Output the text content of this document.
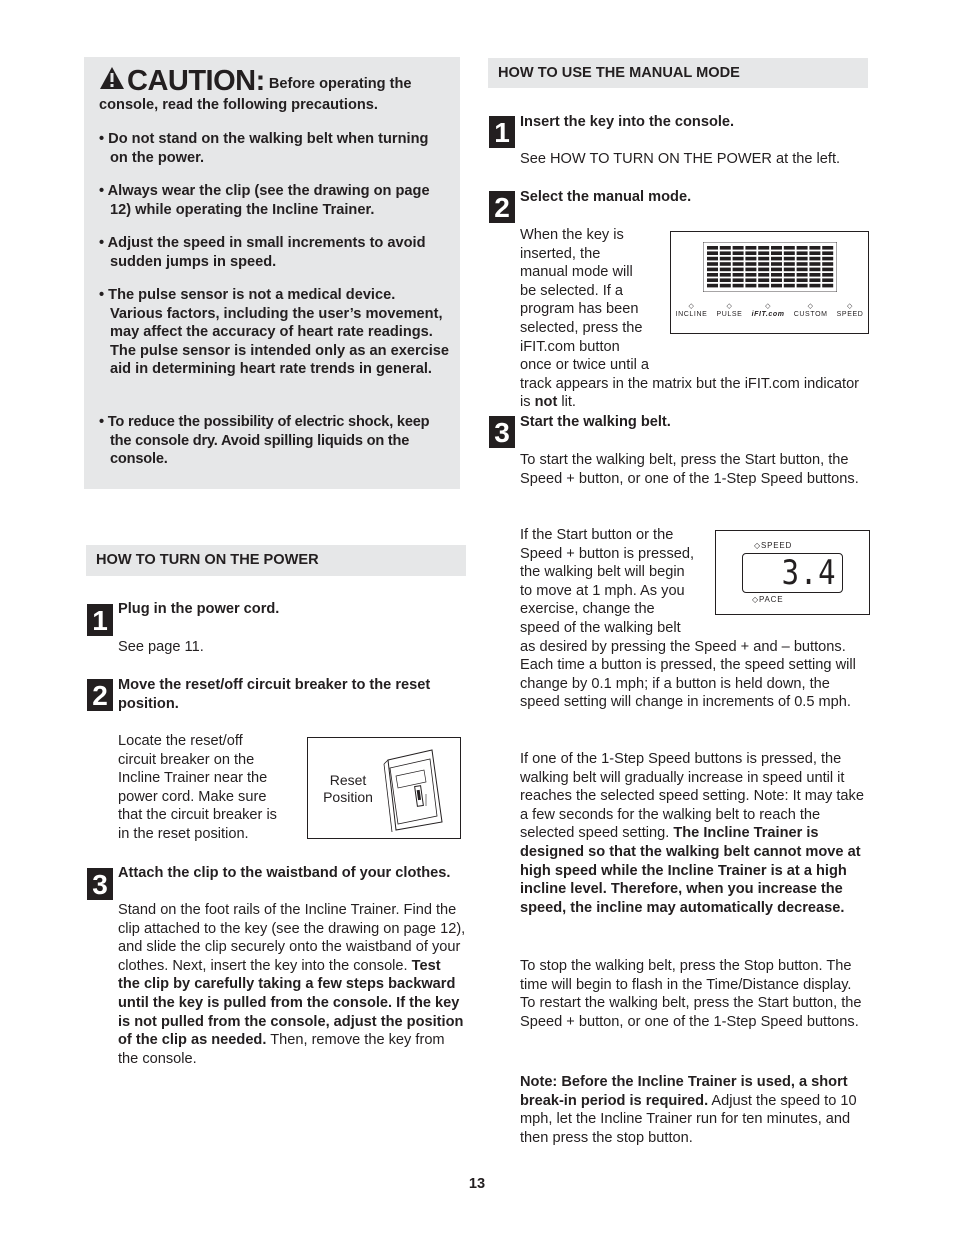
CAUTION: Before operating the console, read the following precautions.

• Do not stand on the walking belt when turning on the power.

• Always wear the clip (see the drawing on page 12) while operating the Incline Trainer.

• Adjust the speed in small increments to avoid sudden jumps in speed.

• The pulse sensor is not a medical device. Various factors, including the user’s movement, may affect the accuracy of heart rate readings. The pulse sensor is intended only as an exercise aid in determining heart rate trends in general.

• To reduce the possibility of electric shock, keep the console dry. Avoid spilling liquids on the console.

HOW TO TURN ON THE POWER
1 Plug in the power cord.

See page 11.

2 Move the reset/off circuit breaker to the reset position.

Locate the reset/off circuit breaker on the Incline Trainer near the power cord. Make sure that the circuit breaker is in the reset position.

Reset
Position
3 Attach the clip to the waistband of your clothes.

Stand on the foot rails of the Incline Trainer. Find the clip attached to the key (see the drawing on page 12), and slide the clip securely onto the waistband of your clothes. Next, insert the key into the console. Test the clip by carefully taking a few steps backward until the key is pulled from the console. If the key is not pulled from the console, adjust the position of the clip as needed. Then, remove the key from the console.

HOW TO USE THE MANUAL MODE
1 Insert the key into the console.

See HOW TO TURN ON THE POWER at the left.

2 Select the manual mode.

◇
INCLINE
◇
PULSE
◇
iFIT.com
◇
CUSTOM
◇
SPEED

When the key is inserted, the manual mode will be selected. If a program has been selected, press the iFIT.com button once or twice until a track appears in the matrix but the iFIT.com indicator is not lit.

3 Start the walking belt.

To start the walking belt, press the Start button, the Speed + button, or one of the 1-Step Speed buttons.

◇SPEED
3.4
◇PACE

If the Start button or the Speed + button is pressed, the walking belt will begin to move at 1 mph. As you exercise, change the speed of the walking belt as desired by pressing the Speed + and – buttons. Each time a button is pressed, the speed setting will change by 0.1 mph; if a button is held down, the speed setting will change in increments of 0.5 mph.

If one of the 1-Step Speed buttons is pressed, the walking belt will gradually increase in speed until it reaches the selected speed setting. Note: It may take a few seconds for the walking belt to reach the selected speed setting. The Incline Trainer is designed so that the walking belt cannot move at high speed while the Incline Trainer is at a high incline level. Therefore, when you increase the speed, the incline may automatically decrease.

To stop the walking belt, press the Stop button. The time will begin to flash in the Time/Distance display. To restart the walking belt, press the Start button, the Speed + button, or one of the 1-Step Speed buttons.

Note: Before the Incline Trainer is used, a short break-in period is required. Adjust the speed to 10 mph, let the Incline Trainer run for ten minutes, and then press the stop button.

13
